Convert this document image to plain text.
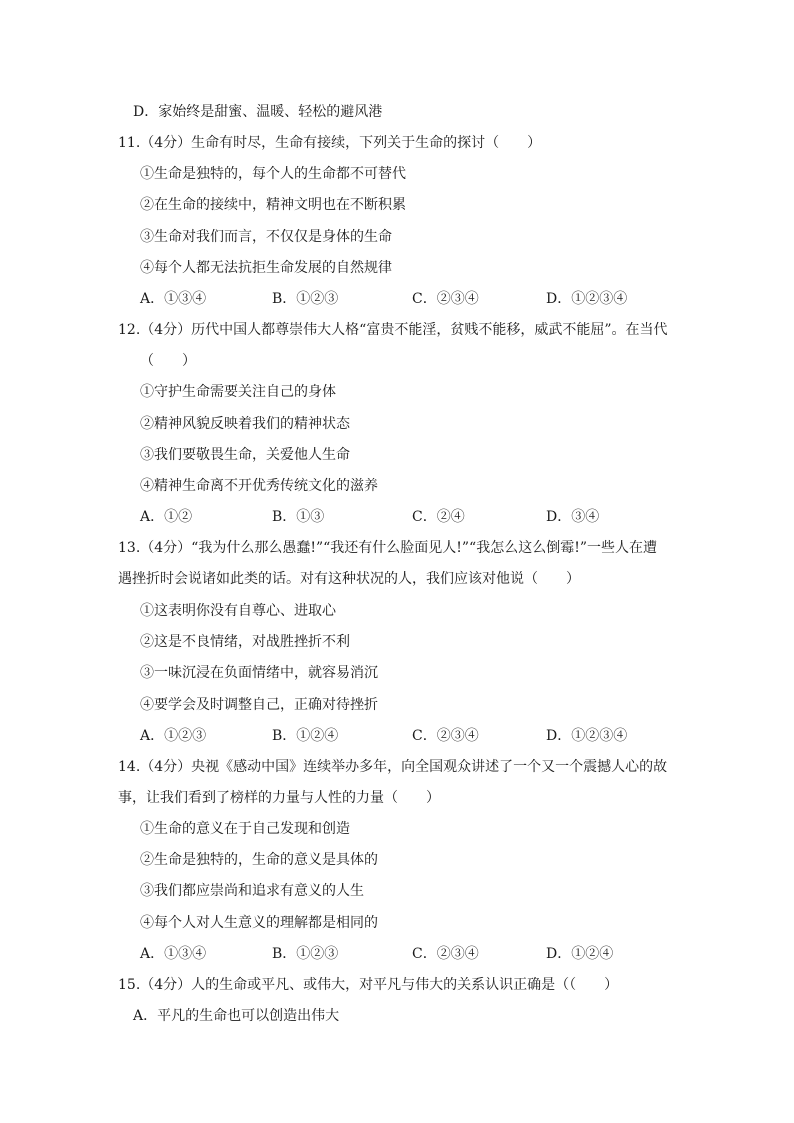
D．家始终是甜蜜、温暖、轻松的避风港
11.（4分）生命有时尽，生命有接续，下列关于生命的探讨（　　）
①生命是独特的，每个人的生命都不可替代
②在生命的接续中，精神文明也在不断积累
③生命对我们而言，不仅仅是身体的生命
④每个人都无法抗拒生命发展的自然规律
A．①③④	B．①②③	C．②③④	D．①②③④
12.（4分）历代中国人都尊崇伟大人格“富贵不能淫，贫贱不能移，威武不能屈”。在当代
（　　）
①守护生命需要关注自己的身体
②精神风貌反映着我们的精神状态
③我们要敬畏生命，关爱他人生命
④精神生命离不开优秀传统文化的滋养
A．①②	B．①③	C．②④	D．③④
13.（4分）“我为什么那么愚蠢!”“我还有什么脸面见人!”“我怎么这么倒霉!”一些人在遭
遇挫折时会说诸如此类的话。对有这种状况的人，我们应该对他说（　　）
①这表明你没有自尊心、进取心
②这是不良情绪，对战胜挫折不利
③一味沉浸在负面情绪中，就容易消沉
④要学会及时调整自己，正确对待挫折
A．①②③	B．①②④	C．②③④	D．①②③④
14.（4分）央视《感动中国》连续举办多年，向全国观众讲述了一个又一个震撼人心的故
事，让我们看到了榜样的力量与人性的力量（　　）
①生命的意义在于自己发现和创造
②生命是独特的，生命的意义是具体的
③我们都应崇尚和追求有意义的人生
④每个人对人生意义的理解都是相同的
A．①③④	B．①②③	C．②③④	D．①②④
15.（4分）人的生命或平凡、或伟大，对平凡与伟大的关系认识正确是（（　　）
A．平凡的生命也可以创造出伟大
